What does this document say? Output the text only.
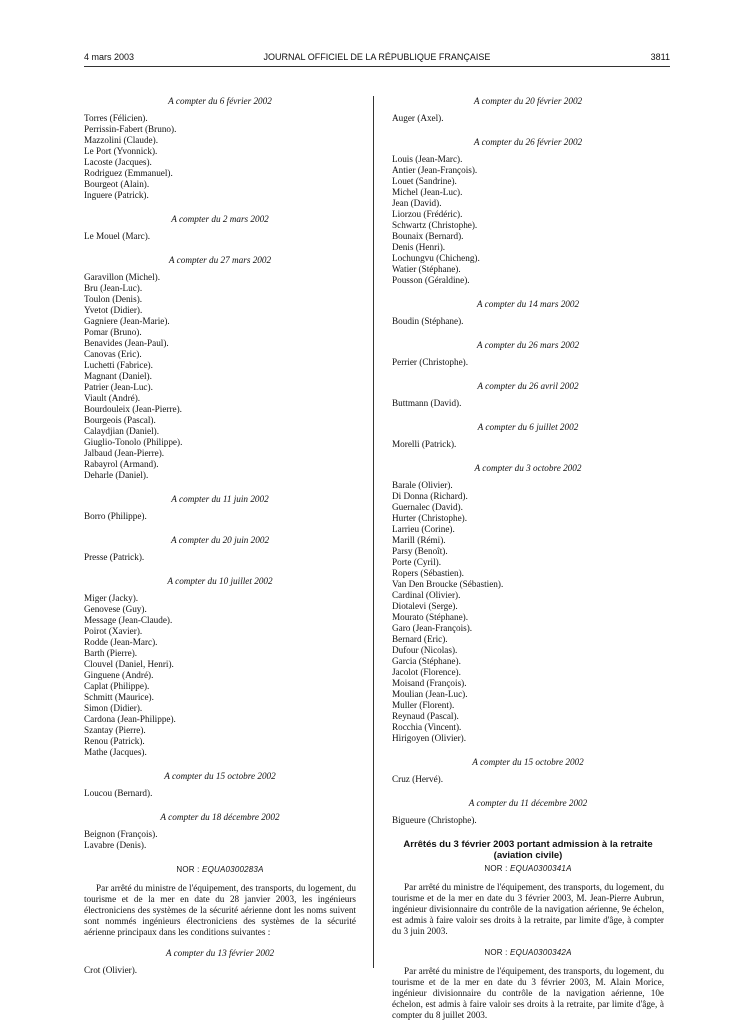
4 mars 2003	JOURNAL OFFICIEL DE LA RÉPUBLIQUE FRANÇAISE	3811
A compter du 6 février 2002
Torres (Félicien).
Perrissin-Fabert (Bruno).
Mazzolini (Claude).
Le Port (Yvonnick).
Lacoste (Jacques).
Rodriguez (Emmanuel).
Bourgeot (Alain).
Inguere (Patrick).
A compter du 2 mars 2002
Le Mouel (Marc).
A compter du 27 mars 2002
Garavillon (Michel).
Bru (Jean-Luc).
Toulon (Denis).
Yvetot (Didier).
Gagniere (Jean-Marie).
Pomar (Bruno).
Benavides (Jean-Paul).
Canovas (Eric).
Luchetti (Fabrice).
Magnant (Daniel).
Patrier (Jean-Luc).
Viault (André).
Bourdouleix (Jean-Pierre).
Bourgeois (Pascal).
Calaydjian (Daniel).
Giuglio-Tonolo (Philippe).
Jalbaud (Jean-Pierre).
Rabayrol (Armand).
Deharle (Daniel).
A compter du 11 juin 2002
Borro (Philippe).
A compter du 20 juin 2002
Presse (Patrick).
A compter du 10 juillet 2002
Miger (Jacky).
Genovese (Guy).
Message (Jean-Claude).
Poirot (Xavier).
Rodde (Jean-Marc).
Barth (Pierre).
Clouvel (Daniel, Henri).
Ginguene (André).
Caplat (Philippe).
Schmitt (Maurice).
Simon (Didier).
Cardona (Jean-Philippe).
Szantay (Pierre).
Renou (Patrick).
Mathe (Jacques).
A compter du 15 octobre 2002
Loucou (Bernard).
A compter du 18 décembre 2002
Beignon (François).
Lavabre (Denis).
NOR : EQUA0300283A

Par arrêté du ministre de l'équipement, des transports, du logement, du tourisme et de la mer en date du 28 janvier 2003, les ingénieurs électroniciens des systèmes de la sécurité aérienne dont les noms suivent sont nommés ingénieurs électroniciens des systèmes de la sécurité aérienne principaux dans les conditions suivantes :

A compter du 13 février 2002
Crot (Olivier).
A compter du 20 février 2002
Auger (Axel).
A compter du 26 février 2002
Louis (Jean-Marc).
Antier (Jean-François).
Louet (Sandrine).
Michel (Jean-Luc).
Jean (David).
Liorzou (Frédéric).
Schwartz (Christophe).
Bounaix (Bernard).
Denis (Henri).
Lochungvu (Chicheng).
Watier (Stéphane).
Pousson (Géraldine).
A compter du 14 mars 2002
Boudin (Stéphane).
A compter du 26 mars 2002
Perrier (Christophe).
A compter du 26 avril 2002
Buttmann (David).
A compter du 6 juillet 2002
Morelli (Patrick).
A compter du 3 octobre 2002
Barale (Olivier).
Di Donna (Richard).
Guernalec (David).
Hurter (Christophe).
Larrieu (Corine).
Marill (Rémi).
Parsy (Benoît).
Porte (Cyril).
Ropers (Sébastien).
Van Den Broucke (Sébastien).
Cardinal (Olivier).
Diotalevi (Serge).
Mourato (Stéphane).
Garo (Jean-François).
Bernard (Eric).
Dufour (Nicolas).
Garcia (Stéphane).
Jacolot (Florence).
Moisand (François).
Moulian (Jean-Luc).
Muller (Florent).
Reynaud (Pascal).
Rocchia (Vincent).
Hirigoyen (Olivier).
A compter du 15 octobre 2002
Cruz (Hervé).
A compter du 11 décembre 2002
Bigueure (Christophe).
Arrêtés du 3 février 2003 portant admission à la retraite (aviation civile)
NOR : EQUA0300341A

Par arrêté du ministre de l'équipement, des transports, du logement, du tourisme et de la mer en date du 3 février 2003, M. Jean-Pierre Aubrun, ingénieur divisionnaire du contrôle de la navigation aérienne, 9e échelon, est admis à faire valoir ses droits à la retraite, par limite d'âge, à compter du 3 juin 2003.

NOR : EQUA0300342A

Par arrêté du ministre de l'équipement, des transports, du logement, du tourisme et de la mer en date du 3 février 2003, M. Alain Morice, ingénieur divisionnaire du contrôle de la navigation aérienne, 10e échelon, est admis à faire valoir ses droits à la retraite, par limite d'âge, à compter du 8 juillet 2003.
